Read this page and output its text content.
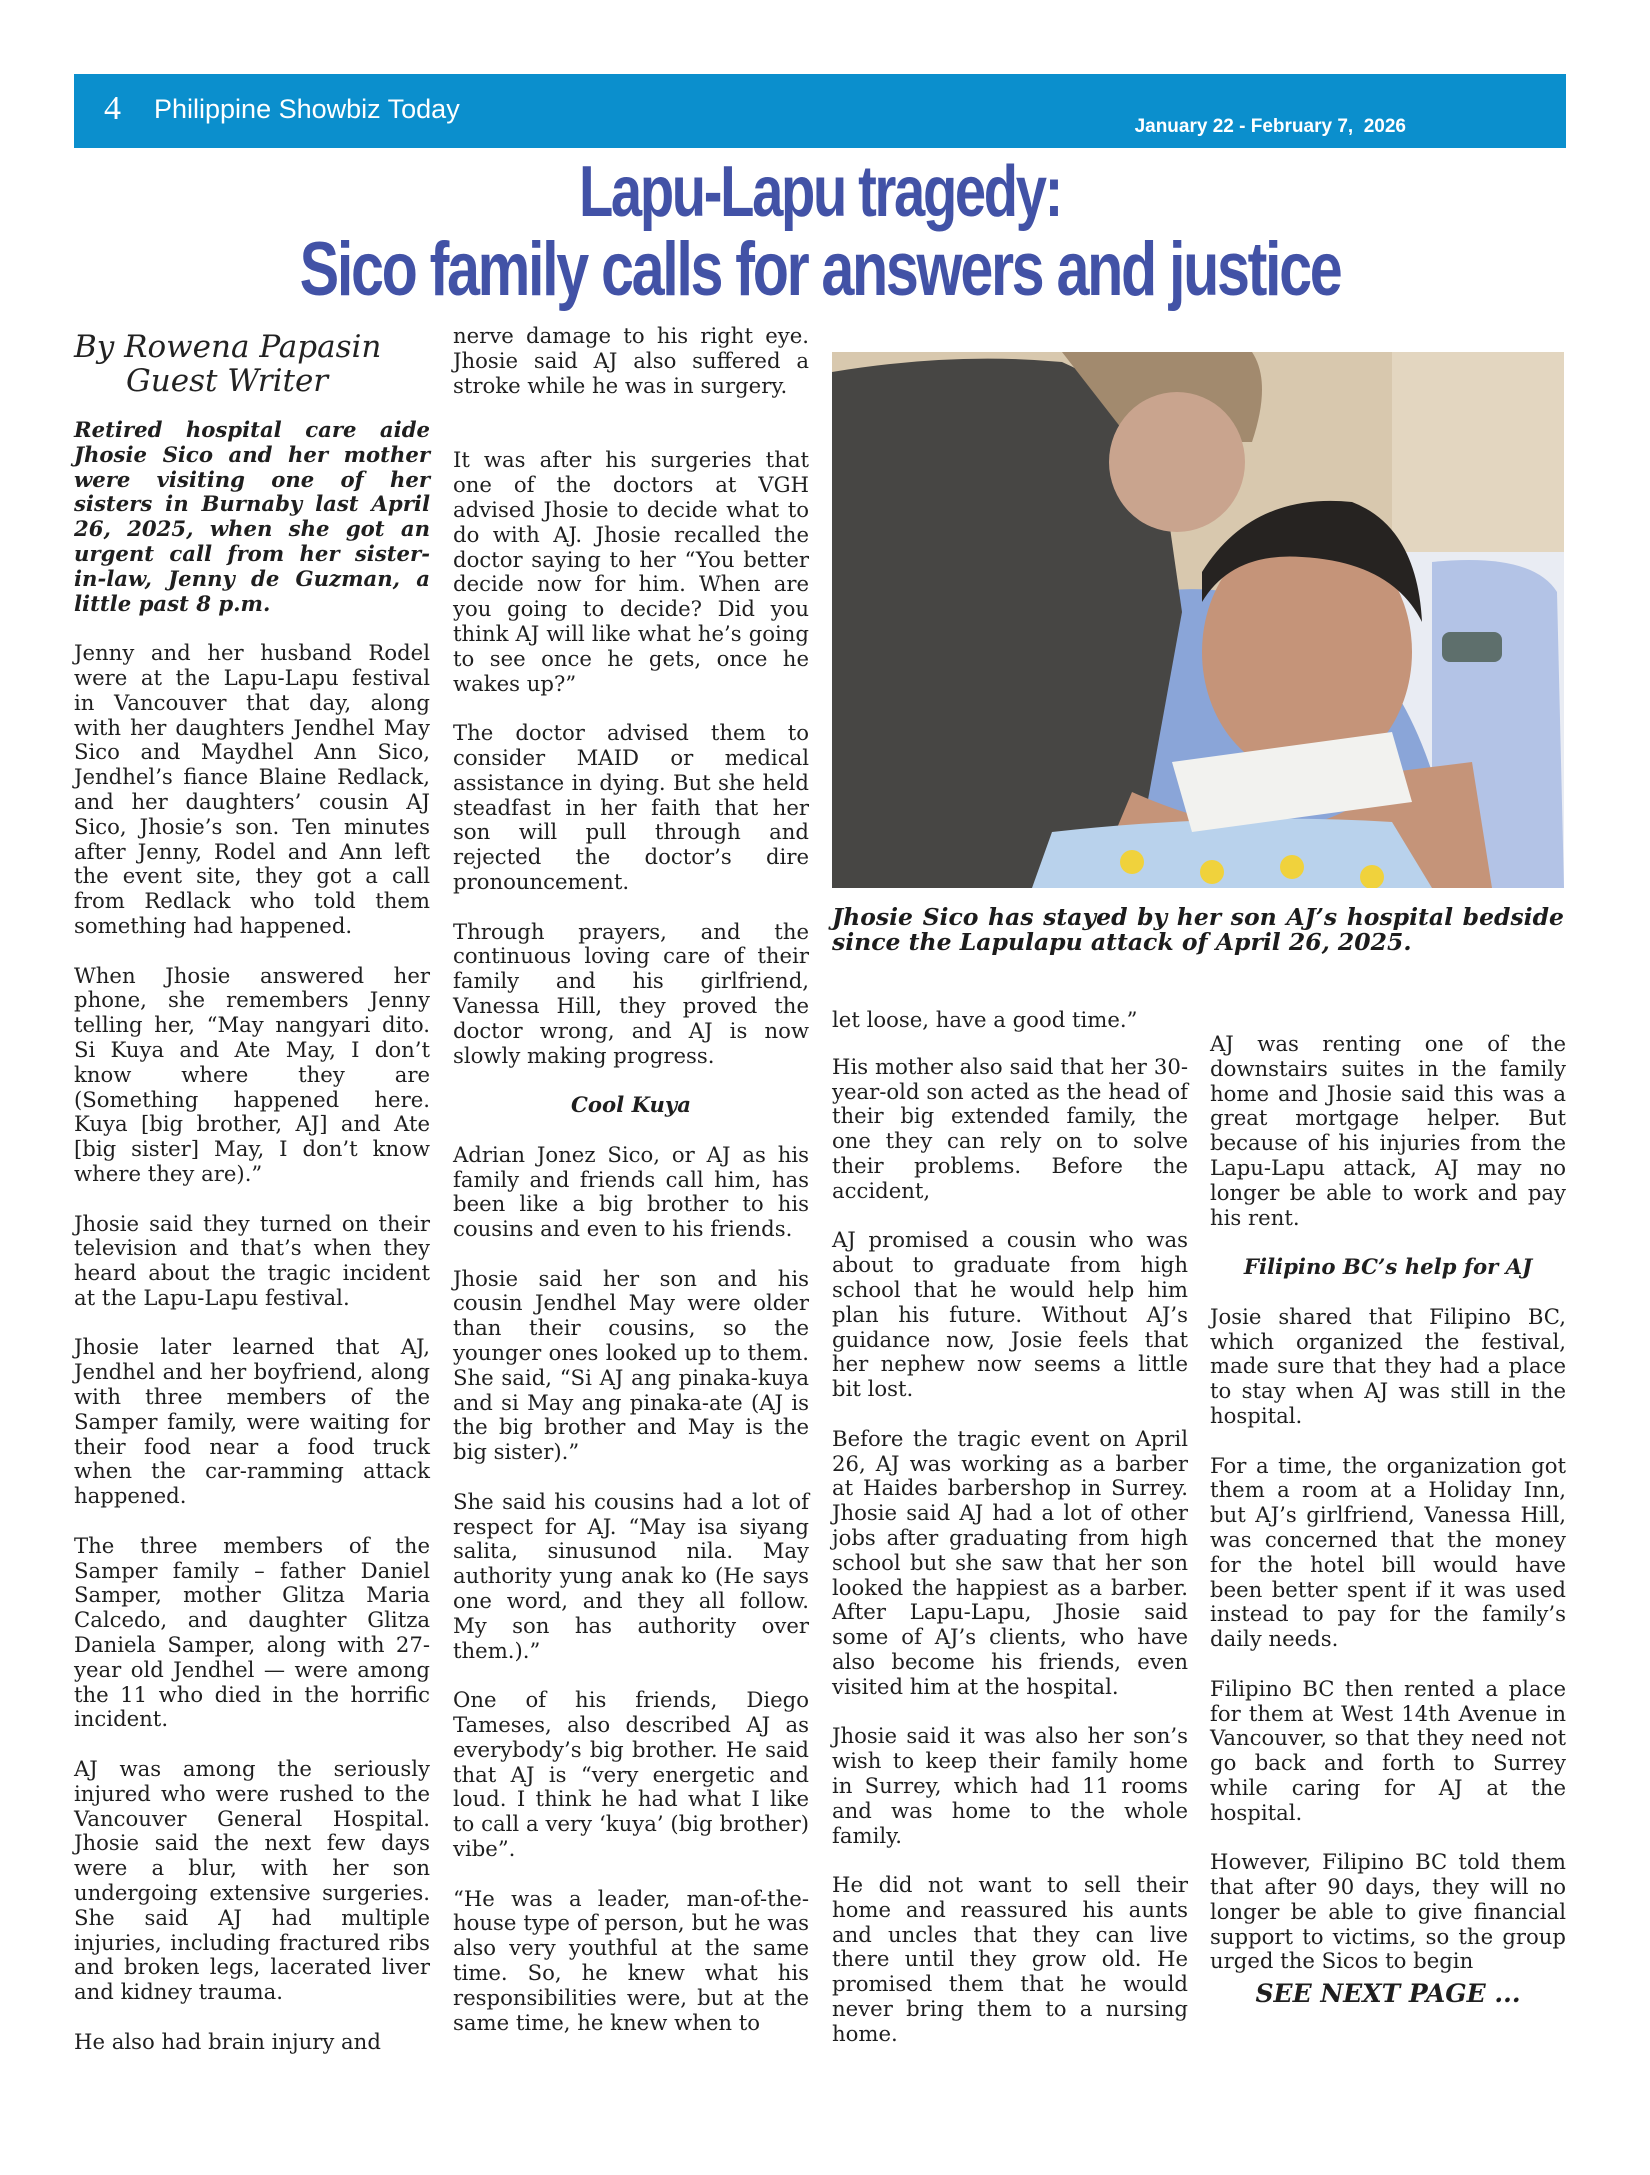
4 Philippine Showbiz Today
January 22 - February 7,  2026
Lapu-Lapu tragedy:
Sico family calls for answers and justice
By Rowena Papasin
Guest Writer

Retired hospital care aide Jhosie Sico and her mother were visiting one of her sisters in Burnaby last April 26, 2025, when she got an urgent call from her sister-in-law, Jenny de Guzman, a little past 8 p.m.

Jenny and her husband Rodel were at the Lapu-Lapu festival in Vancouver that day, along with her daughters Jendhel May Sico and Maydhel Ann Sico, Jendhel’s fiance Blaine Redlack, and her daughters’ cousin AJ Sico, Jhosie’s son. Ten minutes after Jenny, Rodel and Ann left the event site, they got a call from Redlack who told them something had happened.

When Jhosie answered her phone, she remembers Jenny telling her, “May nangyari dito. Si Kuya and Ate May, I don’t know where they are (Something happened here. Kuya [big brother, AJ] and Ate [big sister] May, I don’t know where they are).”

Jhosie said they turned on their television and that’s when they heard about the tragic incident at the Lapu-Lapu festival.

Jhosie later learned that AJ, Jendhel and her boyfriend, along with three members of the Samper family, were waiting for their food near a food truck when the car-ramming attack happened.

The three members of the Samper family – father Daniel Samper, mother Glitza Maria Calcedo, and daughter Glitza Daniela Samper, along with 27-year old Jendhel — were among the 11 who died in the horrific incident.

AJ was among the seriously injured who were rushed to the Vancouver General Hospital. Jhosie said the next few days were a blur, with her son undergoing extensive surgeries. She said AJ had multiple injuries, including fractured ribs and broken legs, lacerated liver and kidney trauma.

He also had brain injury and

nerve damage to his right eye. Jhosie said AJ also suffered a stroke while he was in surgery.

It was after his surgeries that one of the doctors at VGH advised Jhosie to decide what to do with AJ. Jhosie recalled the doctor saying to her “You better decide now for him. When are you going to decide? Did you think AJ will like what he’s going to see once he gets, once he wakes up?”

The doctor advised them to consider MAID or medical assistance in dying. But she held steadfast in her faith that her son will pull through and rejected the doctor’s dire pronouncement.

Through prayers, and the continuous loving care of their family and his girlfriend, Vanessa Hill, they proved the doctor wrong, and AJ is now slowly making progress.

Cool Kuya

Adrian Jonez Sico, or AJ as his family and friends call him, has been like a big brother to his cousins and even to his friends.

Jhosie said her son and his cousin Jendhel May were older than their cousins, so the younger ones looked up to them. She said, “Si AJ ang pinaka-kuya and si May ang pinaka-ate (AJ is the big brother and May is the big sister).”

She said his cousins had a lot of respect for AJ. “May isa siyang salita, sinusunod nila. May authority yung anak ko (He says one word, and they all follow. My son has authority over them.).”

One of his friends, Diego Tameses, also described AJ as everybody’s big brother. He said that AJ is “very energetic and loud. I think he had what I like to call a very ‘kuya’ (big brother) vibe”.

“He was a leader, man-of-the-house type of person, but he was also very youthful at the same time. So, he knew what his responsibilities were, but at the same time, he knew when to

Jhosie Sico has stayed by her son AJ’s hospital bedside since the Lapulapu attack of April 26, 2025.

let loose, have a good time.”

His mother also said that her 30-year-old son acted as the head of their big extended family, the one they can rely on to solve their problems. Before the accident,

AJ promised a cousin who was about to graduate from high school that he would help him plan his future. Without AJ’s guidance now, Josie feels that her nephew now seems a little bit lost.

Before the tragic event on April 26, AJ was working as a barber at Haides barbershop in Surrey. Jhosie said AJ had a lot of other jobs after graduating from high school but she saw that her son looked the happiest as a barber. After Lapu-Lapu, Jhosie said some of AJ’s clients, who have also become his friends, even visited him at the hospital.

Jhosie said it was also her son’s wish to keep their family home in Surrey, which had 11 rooms and was home to the whole family.

He did not want to sell their home and reassured his aunts and uncles that they can live there until they grow old. He promised them that he would never bring them to a nursing home.

AJ was renting one of the downstairs suites in the family home and Jhosie said this was a great mortgage helper. But because of his injuries from the Lapu-Lapu attack, AJ may no longer be able to work and pay his rent.

Filipino BC’s help for AJ

Josie shared that Filipino BC, which organized the festival, made sure that they had a place to stay when AJ was still in the hospital.

For a time, the organization got them a room at a Holiday Inn, but AJ’s girlfriend, Vanessa Hill, was concerned that the money for the hotel bill would have been better spent if it was used instead to pay for the family’s daily needs.

Filipino BC then rented a place for them at West 14th Avenue in Vancouver, so that they need not go back and forth to Surrey while caring for AJ at the hospital.

However, Filipino BC told them that after 90 days, they will no longer be able to give financial support to victims, so the group urged the Sicos to begin

SEE NEXT PAGE ...
